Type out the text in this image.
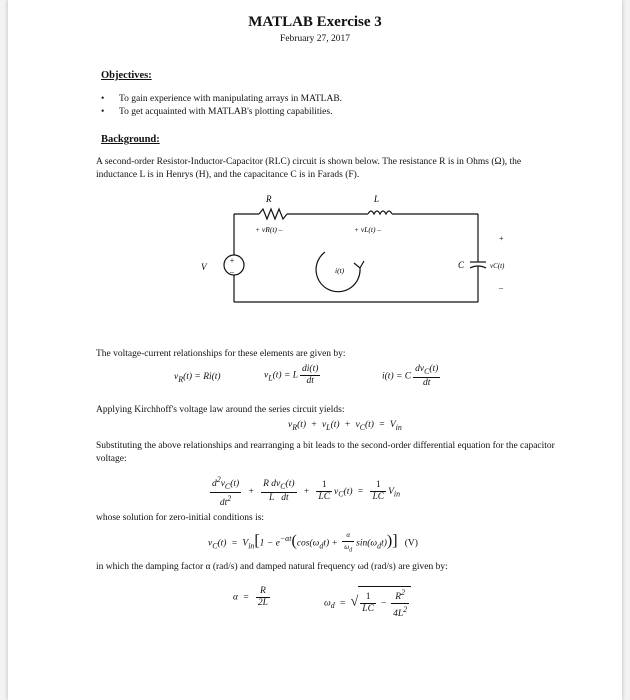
MATLAB Exercise 3
February 27, 2017
Objectives:
• To gain experience with manipulating arrays in MATLAB.
• To get acquainted with MATLAB's plotting capabilities.
Background:
A second-order Resistor-Inductor-Capacitor (RLC) circuit is shown below. The resistance R is in Ohms (Ω), the inductance L is in Henrys (H), and the capacitance C is in Farads (F).
+
–
R	L
+ vR(t) –	+ vL(t) –
V	i(t)
C	vC(t)
+
–
The voltage-current relationships for these elements are given by:
$v_R(t) = Ri(t)$	$v_L(t) = L \frac{di(t)}{dt}$	i(t) = C $\frac{dv_C(t)}{dt}$
Applying Kirchhoff's voltage law around the series circuit yields:
$v_R(t) + v_L(t) + v_C(t) = V_{in}$
Substituting the above relationships and rearranging a bit leads to the second-order differential equation for the capacitor voltage:
$\frac{d^2v_C(t)}{dt^2} + \frac{R dv_C(t)}{\text{L   dt}} + \frac{1}{LC} v_C(t) = \frac{1}{LC} V_{in}$
whose solution for zero-initial conditions is:
$v_C(t) = V_{in}[1 - e^{-\alpha t}(\cos(\omega_dt) + \frac{\alpha}{\omega_d} \sin(\omega_dt))]$ (V)
in which the damping factor α (rad/s) and damped natural frequency ωd (rad/s) are given by:
$\alpha = \frac{R}{2L}$	$\omega_d$  =  √ $\frac{1}{LC} - \frac{R^2}{4L^2}$
